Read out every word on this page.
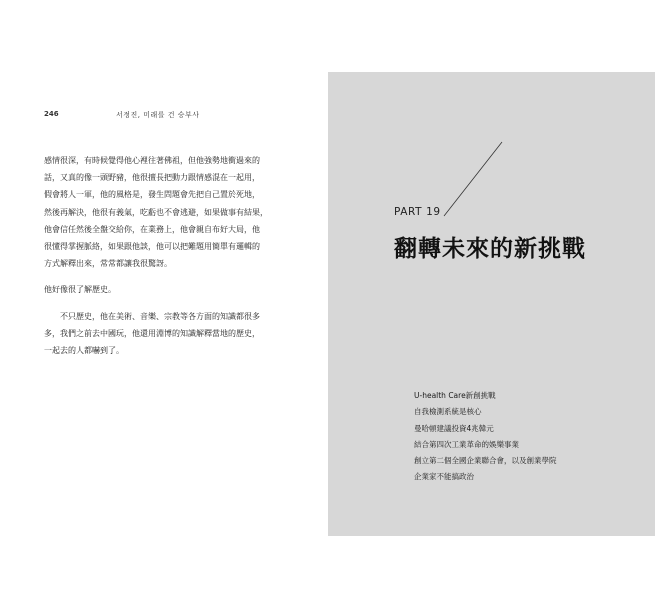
246	서정진, 미래를 건 승부사

感情很深，有時候覺得他心裡往著佛祖，但他強勢地衝過來的
話，又真的像一頭野豬，他很擅長把動力跟情感混在一起用，
假會將人一軍，他的風格是，發生問題會先把自己置於死地，
然後再解決，他很有義氣，吃虧也不會逃避，如果做事有結果，
他會信任然後全盤交給你，在業務上，他會親自布好大局，他
很懂得掌握脈絡，如果跟他談，他可以把難題用簡單有邏輯的
方式解釋出來，常常都讓我很驚訝。

他好像很了解歷史。

不只歷史，他在美術、音樂、宗教等各方面的知識都很多
多，我們之前去中國玩，他還用淵博的知識解釋當地的歷史，
一起去的人都嚇到了。

PART 19
翻轉未來的新挑戰
U-health Care新創挑戰
自我檢測系統是核心
曼哈頓建議投資4兆韓元
結合第四次工業革命的娛樂事業
創立第二個全國企業聯合會，以及創業學院
企業家不能搞政治
